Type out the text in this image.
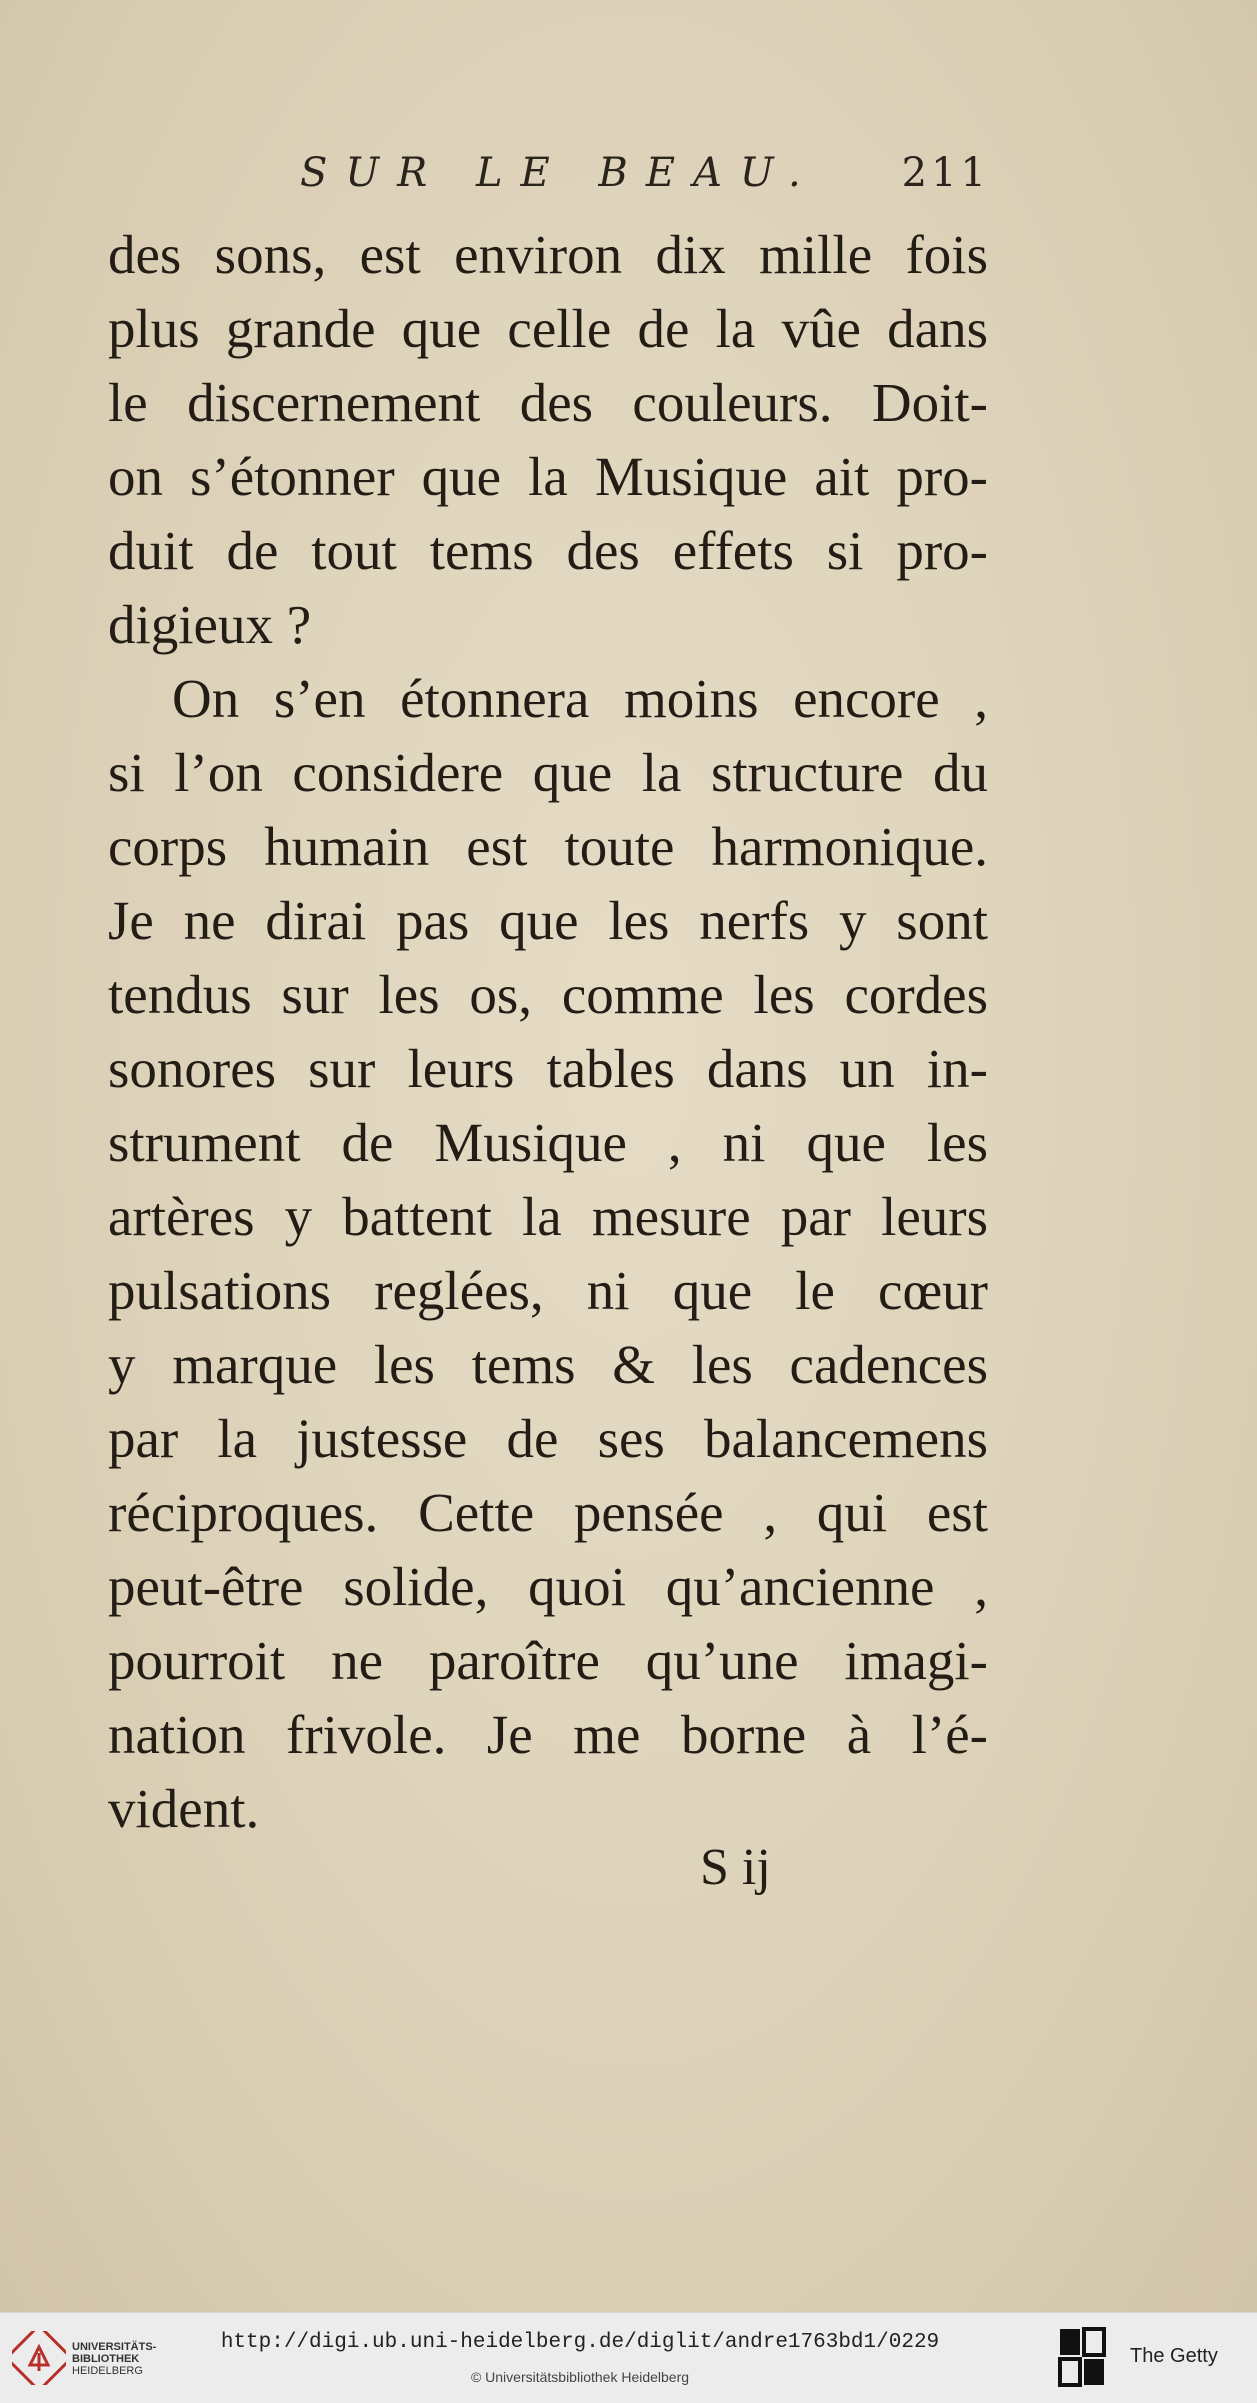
SUR LE BEAU. 211
des sons, est environ dix mille fois
plus grande que celle de la vûe dans
le discernement des couleurs. Doit-
on s’étonner que la Musique ait pro-
duit de tout tems des effets si pro-
digieux ?
On s’en étonnera moins encore ,
si l’on considere que la structure du
corps humain est toute harmonique.
Je ne dirai pas que les nerfs y sont
tendus sur les os, comme les cordes
sonores sur leurs tables dans un in-
strument de Musique , ni que les
artères y battent la mesure par leurs
pulsations reglées, ni que le cœur
y marque les tems & les cadences
par la justesse de ses balancemens
réciproques. Cette pensée , qui est
peut-être solide, quoi qu’ancienne ,
pourroit ne paroître qu’une imagi-
nation frivole. Je me borne à l’é-
vident.
S ij
UNIVERSITÄTS-
BIBLIOTHEK
HEIDELBERG
http://digi.ub.uni-heidelberg.de/diglit/andre1763bd1/0229
© Universitätsbibliothek Heidelberg
The Getty
